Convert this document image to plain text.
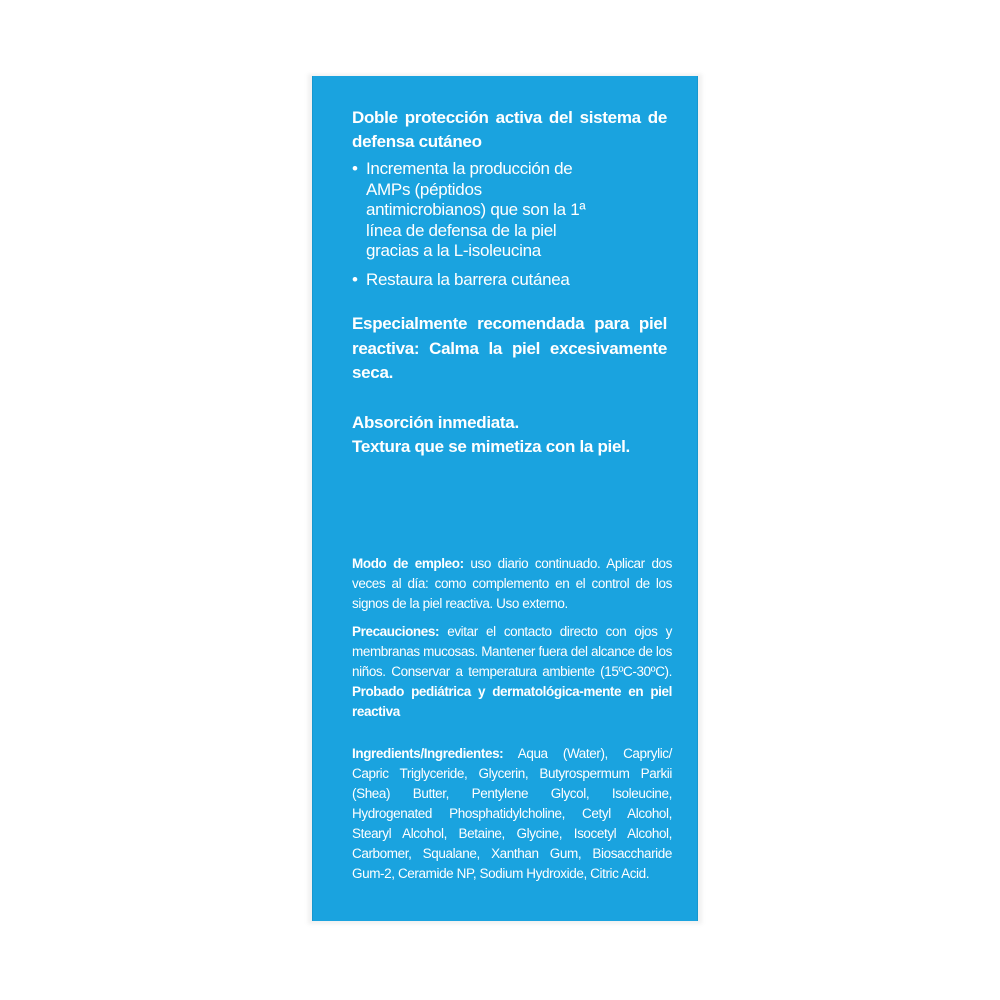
Doble protección activa del sistema de defensa cutáneo

• Incrementa la producción de AMPs (péptidos antimicrobianos) que son la 1ª línea de defensa de la piel gracias a la L-isoleucina
• Restaura la barrera cutánea
Especialmente recomendada para piel reactiva: Calma la piel excesivamente seca.
Absorción inmediata.
Textura que se mimetiza con la piel.
Modo de empleo: uso diario continuado. Aplicar dos veces al día: como complemento en el control de los signos de la piel reactiva. Uso externo.
Precauciones: evitar el contacto directo con ojos y membranas mucosas. Mantener fuera del alcance de los niños. Conservar a temperatura ambiente (15ºC-30ºC). Probado pediátrica y dermatológica-mente en piel reactiva
Ingredients/Ingredientes: Aqua (Water), Caprylic/ Capric Triglyceride, Glycerin, Butyrospermum Parkii (Shea) Butter, Pentylene Glycol, Isoleucine, Hydrogenated Phosphatidylcholine, Cetyl Alcohol, Stearyl Alcohol, Betaine, Glycine, Isocetyl Alcohol, Carbomer, Squalane, Xanthan Gum, Biosaccharide Gum-2, Ceramide NP, Sodium Hydroxide, Citric Acid.
